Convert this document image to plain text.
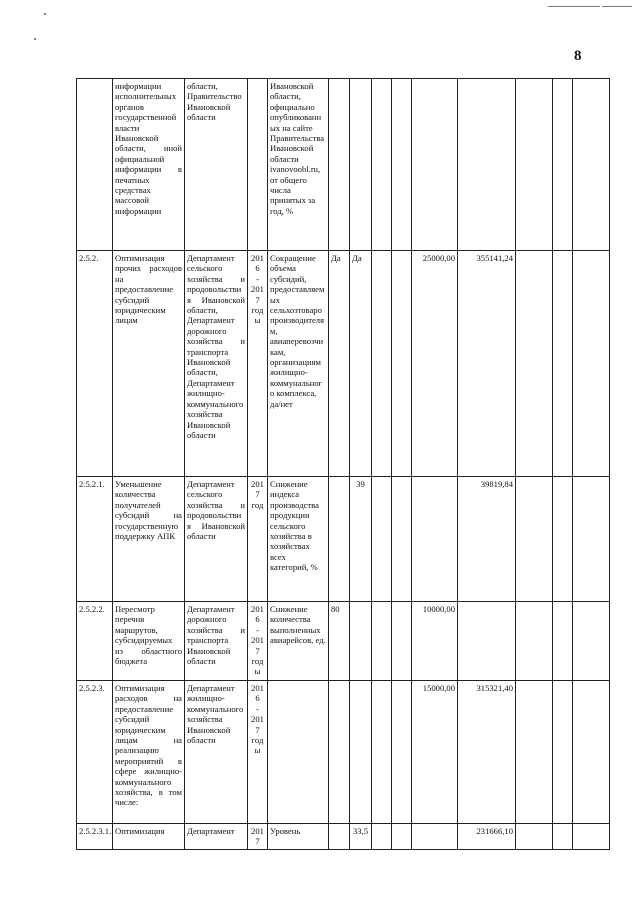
8
	информации исполнительных органов государственной власти Ивановской области, иной официальной информации в печатных средствах массовой информации	области, Правительство Ивановской области		Ивановской области, официально опубликованных на сайте Правительства Ивановской области ivanovoobl.ru, от общего числа принятых за год, %									
2.5.2.	Оптимизация прочих расходов на предоставление субсидий юридическим лицам	Департамент сельского хозяйства и продовольствия Ивановской области, Департамент дорожного хозяйства и транспорта Ивановской области, Департамент жилищно-коммунального хозяйства Ивановской области	2016
-
2017
годы	Сокращение объема субсидий, предоставляемых сельхозтоваропроизводителям, авиаперевозчикам, организациям жилищно-коммунального комплекса, да/нет	Да	Да			25000,00	355141,24			
2.5.2.1.	Уменьшение количества получателей субсидий на государственную поддержку АПК	Департамент сельского хозяйства и продовольствия Ивановской области	2017
год	Снижение индекса производства продукции сельского хозяйства в хозяйствах всех категорий, %		39				39819,84			
2.5.2.2.	Пересмотр перечня маршрутов, субсидируемых из областного бюджета	Департамент дорожного хозяйства и транспорта Ивановской области	2016
-
2017
годы	Снижение количества выполненных авиарейсов, ед.	80				10000,00				
2.5.2.3.	Оптимизация расходов на предоставление субсидий юридическим лицам на реализацию мероприятий в сфере жилищно-коммунального хозяйства, в том числе:	Департамент жилищно-коммунального хозяйства Ивановской области	2016
-
2017
годы						15000,00	315321,40			
2.5.2.3.1.	Оптимизация	Департамент	2017	Уровень		33,5				231666,10			
